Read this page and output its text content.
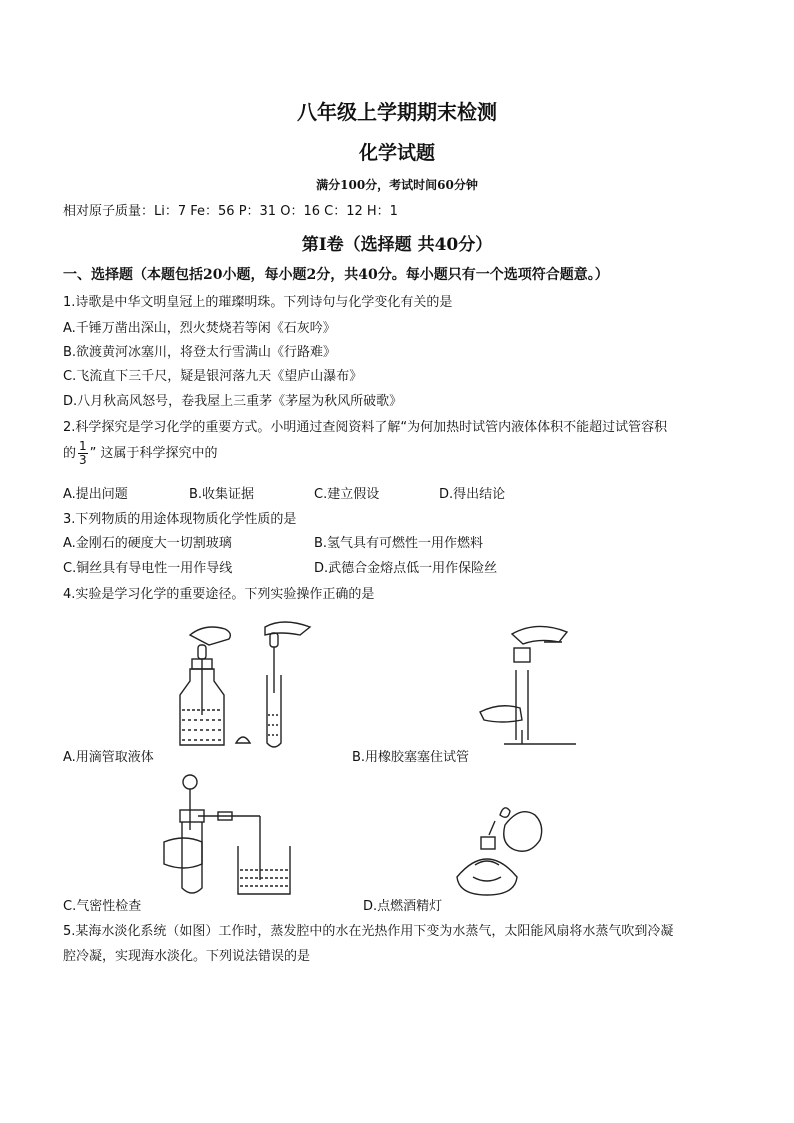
八年级上学期期末检测
化学试题
满分100分，考试时间60分钟
相对原子质量：Li：7 Fe：56 P：31 O：16 C：12 H：1
第Ⅰ卷（选择题 共40分）
一、选择题（本题包括20小题，每小题2分，共40分。每小题只有一个选项符合题意。）
1.诗歌是中华文明皇冠上的璀璨明珠。下列诗句与化学变化有关的是
A.千锤万凿出深山，烈火焚烧若等闲《石灰吟》
B.欲渡黄河冰塞川，将登太行雪满山《行路难》
C.飞流直下三千尺，疑是银河落九天《望庐山瀑布》
D.八月秋高风怒号，卷我屋上三重茅《茅屋为秋风所破歌》
2.科学探究是学习化学的重要方式。小明通过查阅资料了解“为何加热时试管内液体体积不能超过试管容积
的 $\frac{1}{3}$ ” 这属于科学探究中的
A.提出问题	B.收集证据	C.建立假设	D.得出结论
3.下列物质的用途体现物质化学性质的是
A.金刚石的硬度大一切割玻璃	B.氢气具有可燃性一用作燃料
C.铜丝具有导电性一用作导线	D.武德合金熔点低一用作保险丝
4.实验是学习化学的重要途径。下列实验操作正确的是
A.用滴管取液体	B.用橡胶塞塞住试管
C.气密性检查	D.点燃酒精灯
5.某海水淡化系统（如图）工作时，蒸发腔中的水在光热作用下变为水蒸气，太阳能风扇将水蒸气吹到冷凝
腔冷凝，实现海水淡化。下列说法错误的是
